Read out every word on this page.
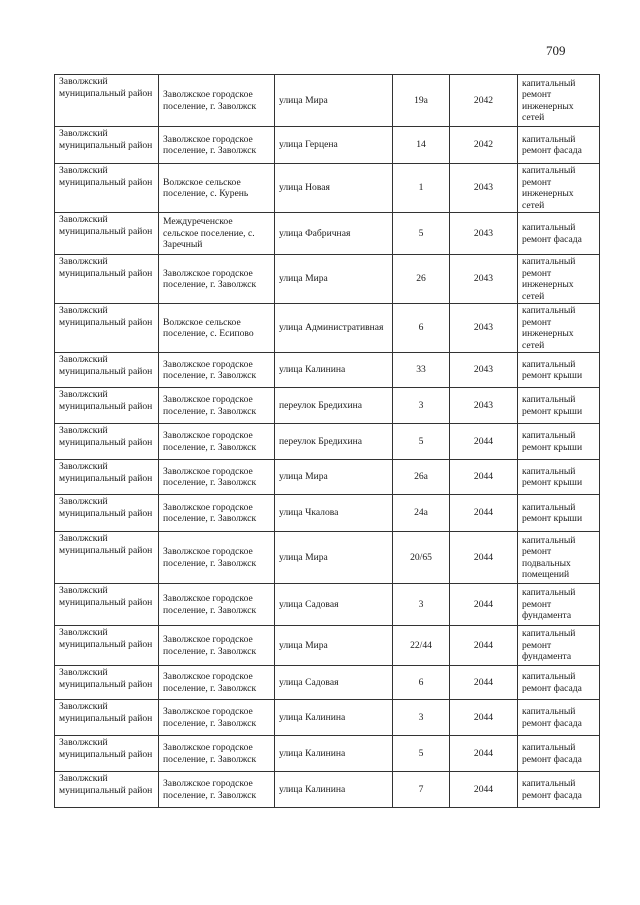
709
Заволжский муниципальный район	Заволжское городское поселение, г. Заволжск	улица Мира	19а	2042	капитальный ремонт инженерных сетей
Заволжский муниципальный район	Заволжское городское поселение, г. Заволжск	улица Герцена	14	2042	капитальный ремонт фасада
Заволжский муниципальный район	Волжское сельское поселение, с. Курень	улица Новая	1	2043	капитальный ремонт инженерных сетей
Заволжский муниципальный район	Междуреченское сельское поселение, с. Заречный	улица Фабричная	5	2043	капитальный ремонт фасада
Заволжский муниципальный район	Заволжское городское поселение, г. Заволжск	улица Мира	26	2043	капитальный ремонт инженерных сетей
Заволжский муниципальный район	Волжское сельское поселение, с. Есипово	улица Административная	6	2043	капитальный ремонт инженерных сетей
Заволжский муниципальный район	Заволжское городское поселение, г. Заволжск	улица Калинина	33	2043	капитальный ремонт крыши
Заволжский муниципальный район	Заволжское городское поселение, г. Заволжск	переулок Бредихина	3	2043	капитальный ремонт крыши
Заволжский муниципальный район	Заволжское городское поселение, г. Заволжск	переулок Бредихина	5	2044	капитальный ремонт крыши
Заволжский муниципальный район	Заволжское городское поселение, г. Заволжск	улица Мира	26а	2044	капитальный ремонт крыши
Заволжский муниципальный район	Заволжское городское поселение, г. Заволжск	улица Чкалова	24а	2044	капитальный ремонт крыши
Заволжский муниципальный район	Заволжское городское поселение, г. Заволжск	улица Мира	20/65	2044	капитальный ремонт подвальных помещений
Заволжский муниципальный район	Заволжское городское поселение, г. Заволжск	улица Садовая	3	2044	капитальный ремонт фундамента
Заволжский муниципальный район	Заволжское городское поселение, г. Заволжск	улица Мира	22/44	2044	капитальный ремонт фундамента
Заволжский муниципальный район	Заволжское городское поселение, г. Заволжск	улица Садовая	6	2044	капитальный ремонт фасада
Заволжский муниципальный район	Заволжское городское поселение, г. Заволжск	улица Калинина	3	2044	капитальный ремонт фасада
Заволжский муниципальный район	Заволжское городское поселение, г. Заволжск	улица Калинина	5	2044	капитальный ремонт фасада
Заволжский муниципальный район	Заволжское городское поселение, г. Заволжск	улица Калинина	7	2044	капитальный ремонт фасада
